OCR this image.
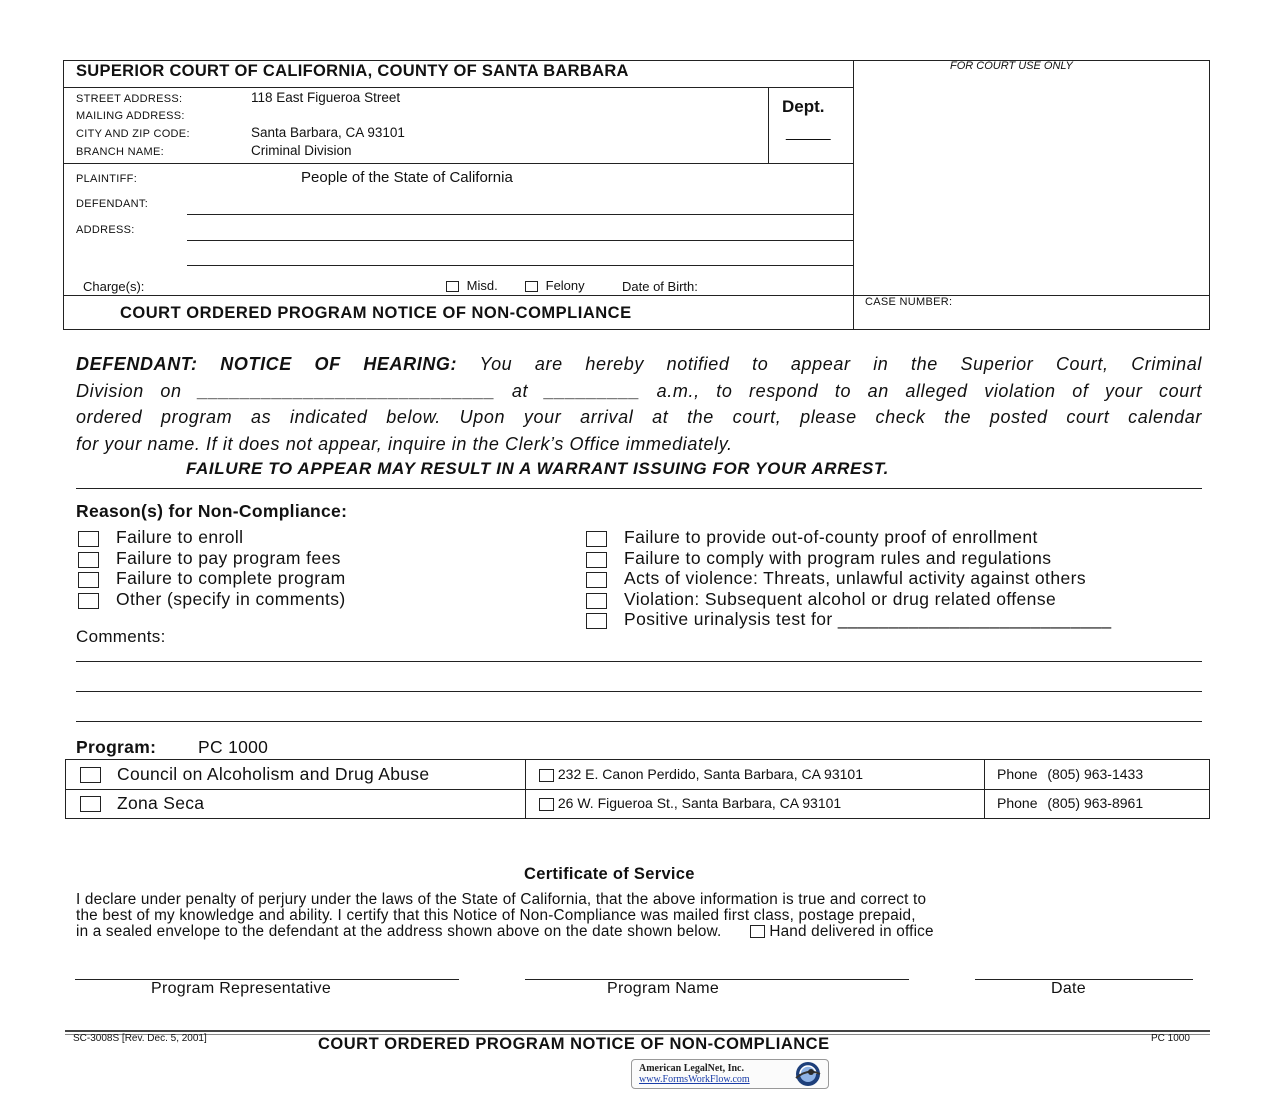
SUPERIOR COURT OF CALIFORNIA, COUNTY OF SANTA BARBARA	FOR COURT USE ONLY
STREET ADDRESS:	118 East Figueroa Street
MAILING ADDRESS:
CITY AND ZIP CODE:	Santa Barbara, CA 93101
BRANCH NAME:	Criminal Division
Dept.
_____
PLAINTIFF:	People of the State of California
DEFENDANT:
ADDRESS:
Charge(s):	Misd.	Felony	Date of Birth:
COURT ORDERED PROGRAM NOTICE OF NON-COMPLIANCE
CASE NUMBER:
DEFENDANT: NOTICE OF HEARING: You are hereby notified to appear in the Superior Court, Criminal
Division on ____________________________ at _________ a.m., to respond to an alleged violation of your court
ordered program as indicated below. Upon your arrival at the court, please check the posted court calendar
for your name. If it does not appear, inquire in the Clerk’s Office immediately.
FAILURE TO APPEAR MAY RESULT IN A WARRANT ISSUING FOR YOUR ARREST.
Reason(s) for Non-Compliance:
Failure to enroll
Failure to pay program fees
Failure to complete program
Other (specify in comments)
Failure to provide out-of-county proof of enrollment
Failure to comply with program rules and regulations
Acts of violence: Threats, unlawful activity against others
Violation: Subsequent alcohol or drug related offense
Positive urinalysis test for ___________________________
Comments:
Program: PC 1000
Council on Alcoholism and Drug Abuse	232 E. Canon Perdido, Santa Barbara, CA 93101	Phone (805) 963-1433
Zona Seca	26 W. Figueroa St., Santa Barbara, CA 93101	Phone (805) 963-8961
Certificate of Service
I declare under penalty of perjury under the laws of the State of California, that the above information is true and correct to
the best of my knowledge and ability. I certify that this Notice of Non-Compliance was mailed first class, postage prepaid,
in a sealed envelope to the defendant at the address shown above on the date shown below.	Hand delivered in office
Program Representative	Program Name	Date
SC-3008S [Rev. Dec. 5, 2001]	COURT ORDERED PROGRAM NOTICE OF NON-COMPLIANCE	PC 1000
American LegalNet, Inc.
www.FormsWorkFlow.com
